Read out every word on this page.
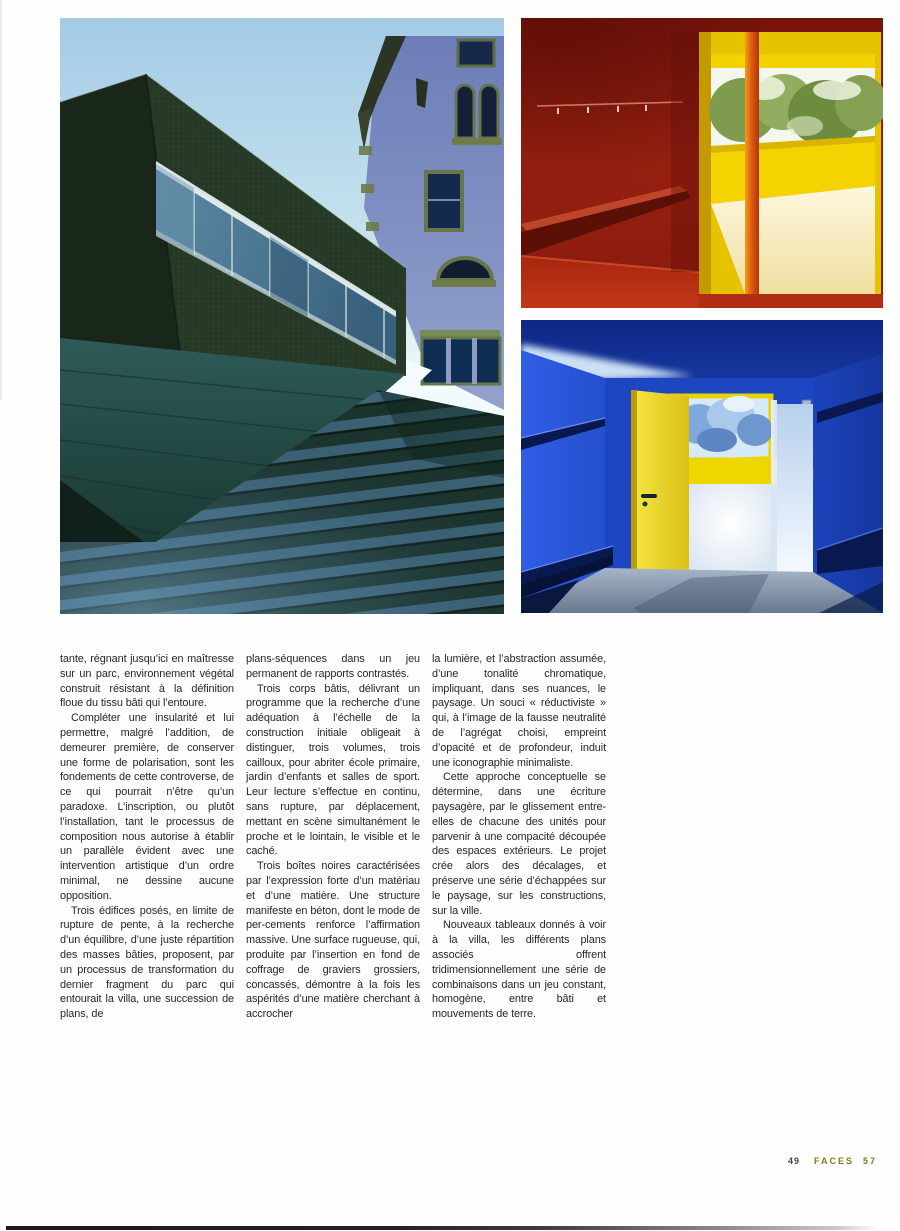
tante, régnant jusqu’ici en maîtresse sur un parc, environnement végétal construit résistant à la définition floue du tissu bâti qui l’entoure.

Compléter une insularité et lui permettre, malgré l’addition, de demeurer première, de conserver une forme de polarisation, sont les fondements de cette controverse, de ce qui pourrait n’être qu’un paradoxe. L’inscription, ou plutôt l’installation, tant le processus de composition nous autorise à établir un parallèle évident avec une intervention artistique d’un ordre minimal, ne dessine aucune opposition.

Trois édifices posés, en limite de rupture de pente, à la recherche d’un équilibre, d’une juste répartition des masses bâties, proposent, par un processus de transformation du dernier fragment du parc qui entourait la villa, une succession de plans, de

plans-séquences dans un jeu permanent de rapports contrastés.

Trois corps bâtis, délivrant un programme que la recherche d’une adéquation à l’échelle de la construction initiale obligeait à distinguer, trois volumes, trois cailloux, pour abriter école primaire, jardin d’enfants et salles de sport. Leur lecture s’effectue en continu, sans rupture, par déplacement, mettant en scène simultanément le proche et le lointain, le visible et le caché.

Trois boîtes noires caractérisées par l’expression forte d’un matériau et d’une matière. Une structure manifeste en béton, dont le mode de per-cements renforce l’affirmation massive. Une surface rugueuse, qui, produite par l’insertion en fond de coffrage de graviers grossiers, concassés, démontre à la fois les aspérités d’une matière cherchant à accrocher

la lumière, et l’abstraction assumée, d’une tonalité chromatique, impliquant, dans ses nuances, le paysage. Un souci « réductiviste » qui, à l’image de la fausse neutralité de l’agrégat choisi, empreint d’opacité et de profondeur, induit une iconographie minimaliste.

Cette approche conceptuelle se détermine, dans une écriture paysagère, par le glissement entre-elles de chacune des unités pour parvenir à une compacité découpée des espaces extérieurs. Le projet crée alors des décalages, et préserve une série d’échappées sur le paysage, sur les constructions, sur la ville.

Nouveaux tableaux donnés à voir à la villa, les différents plans associés offrent tridimensionnellement une série de combinaisons dans un jeu constant, homogène, entre bâti et mouvements de terre.

49 FACES 57
